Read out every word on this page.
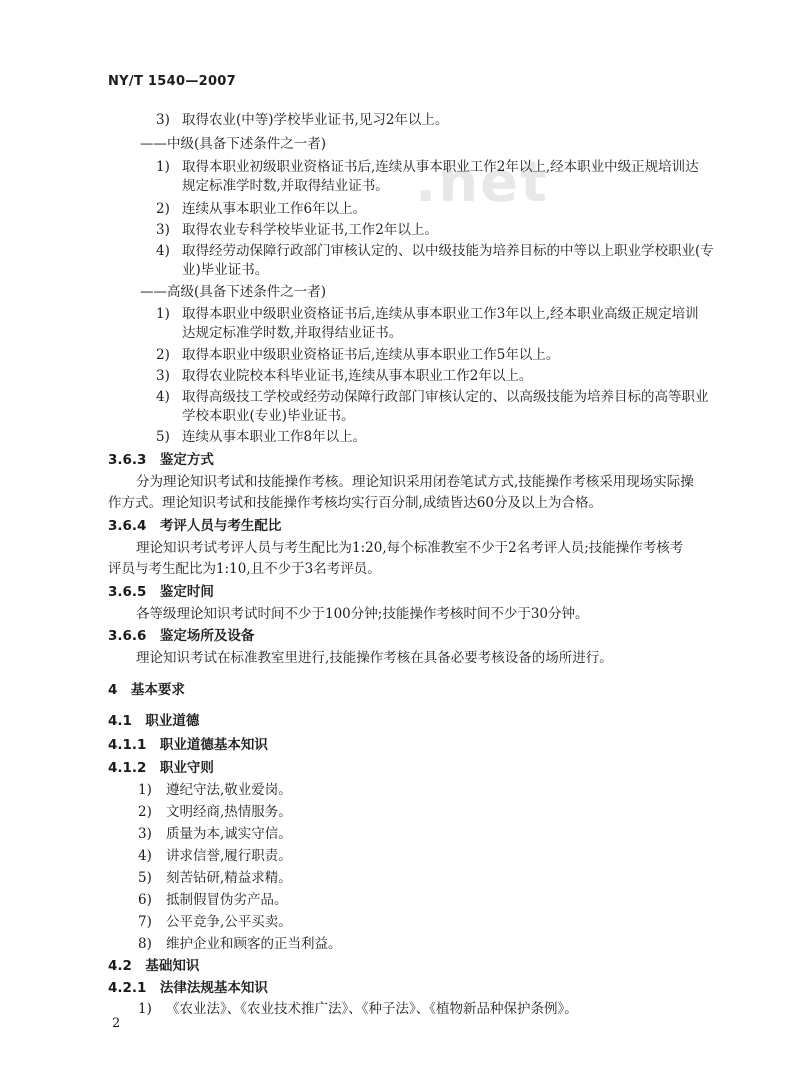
NY/T 1540—2007
.net
3) 取得农业(中等)学校毕业证书,见习2年以上。
——中级(具备下述条件之一者)
1) 取得本职业初级职业资格证书后,连续从事本职业工作2年以上,经本职业中级正规培训达
规定标准学时数,并取得结业证书。
2) 连续从事本职业工作6年以上。
3) 取得农业专科学校毕业证书,工作2年以上。
4) 取得经劳动保障行政部门审核认定的、以中级技能为培养目标的中等以上职业学校职业(专
业)毕业证书。
——高级(具备下述条件之一者)
1) 取得本职业中级职业资格证书后,连续从事本职业工作3年以上,经本职业高级正规定培训
达规定标准学时数,并取得结业证书。
2) 取得本职业中级职业资格证书后,连续从事本职业工作5年以上。
3) 取得农业院校本科毕业证书,连续从事本职业工作2年以上。
4) 取得高级技工学校或经劳动保障行政部门审核认定的、以高级技能为培养目标的高等职业
学校本职业(专业)毕业证书。
5) 连续从事本职业工作8年以上。
3.6.3　鉴定方式
分为理论知识考试和技能操作考核。理论知识采用闭卷笔试方式,技能操作考核采用现场实际操
作方式。理论知识考试和技能操作考核均实行百分制,成绩皆达60分及以上为合格。
3.6.4　考评人员与考生配比
理论知识考试考评人员与考生配比为1:20,每个标准教室不少于2名考评人员;技能操作考核考
评员与考生配比为1:10,且不少于3名考评员。
3.6.5　鉴定时间
各等级理论知识考试时间不少于100分钟;技能操作考核时间不少于30分钟。
3.6.6　鉴定场所及设备
理论知识考试在标准教室里进行,技能操作考核在具备必要考核设备的场所进行。
4　基本要求
4.1　职业道德
4.1.1　职业道德基本知识
4.1.2　职业守则
1) 遵纪守法,敬业爱岗。
2) 文明经商,热情服务。
3) 质量为本,诚实守信。
4) 讲求信誉,履行职责。
5) 刻苦钻研,精益求精。
6) 抵制假冒伪劣产品。
7) 公平竞争,公平买卖。
8) 维护企业和顾客的正当利益。
4.2　基础知识
4.2.1　法律法规基本知识
1) 《农业法》、《农业技术推广法》、《种子法》、《植物新品种保护条例》。
2
